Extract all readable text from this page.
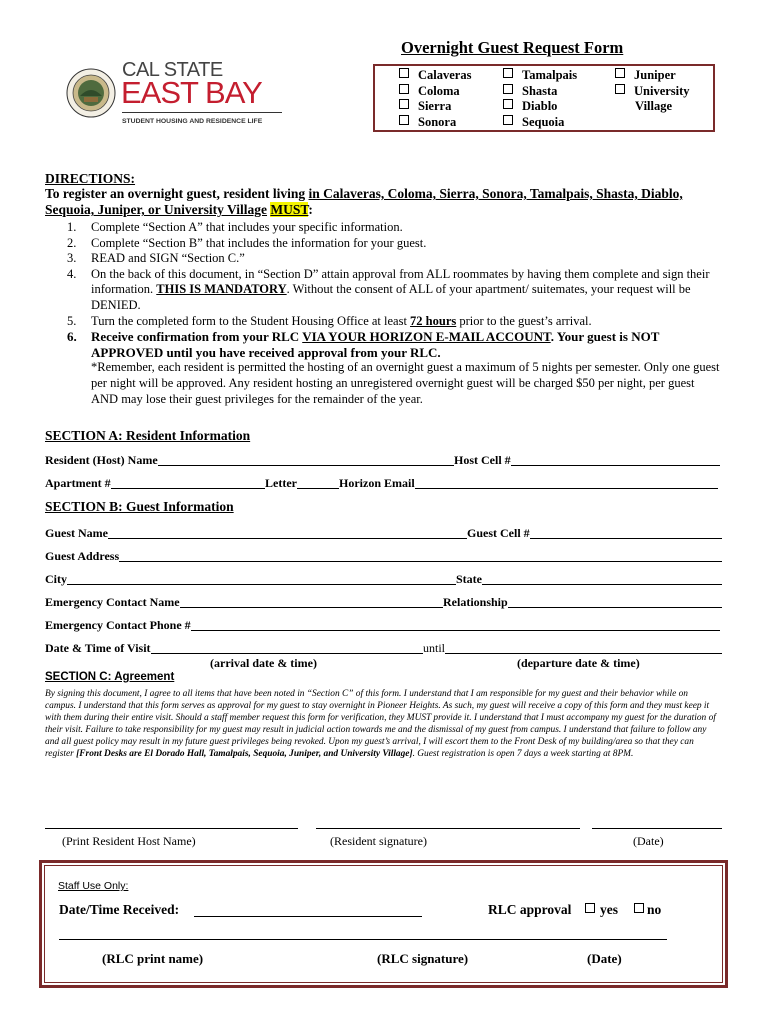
CAL STATE
EAST BAY
STUDENT HOUSING AND RESIDENCE LIFE
Overnight Guest Request Form
Calaveras
Coloma
Sierra
Sonora
Tamalpais
Shasta
Diablo
Sequoia
Juniper
University
Village
DIRECTIONS:
To register an overnight guest, resident living in Calaveras, Coloma, Sierra, Sonora, Tamalpais, Shasta, Diablo, Sequoia, Juniper, or University Village MUST:
1. Complete “Section A” that includes your specific information.
2. Complete “Section B” that includes the information for your guest.
3. READ and SIGN “Section C.”
4. On the back of this document, in “Section D” attain approval from ALL roommates by having them complete and sign their information. THIS IS MANDATORY. Without the consent of ALL of your apartment/ suitemates, your request will be DENIED.
5. Turn the completed form to the Student Housing Office at least 72 hours prior to the guest’s arrival.
6. Receive confirmation from your RLC VIA YOUR HORIZON E-MAIL ACCOUNT. Your guest is NOT APPROVED until you have received approval from your RLC.
*Remember, each resident is permitted the hosting of an overnight guest a maximum of 5 nights per semester. Only one guest per night will be approved. Any resident hosting an unregistered overnight guest will be charged $50 per night, per guest AND may lose their guest privileges for the remainder of the year.
SECTION A: Resident Information
Resident (Host) Name	Host Cell #
Apartment #	Letter	Horizon Email
SECTION B: Guest Information
Guest Name	Guest Cell #
Guest Address
City	State
Emergency Contact Name	Relationship
Emergency Contact Phone #
Date & Time of Visit	until
(arrival date & time)	(departure date & time)
SECTION C: Agreement
By signing this document, I agree to all items that have been noted in “Section C” of this form. I understand that I am responsible for my guest and their behavior while on campus. I understand that this form serves as approval for my guest to stay overnight in Pioneer Heights. As such, my guest will receive a copy of this form and they must keep it with them during their entire visit. Should a staff member request this form for verification, they MUST provide it. I understand that I must accompany my guest for the duration of their visit. Failure to take responsibility for my guest may result in judicial action towards me and the dismissal of my guest from campus. I understand that failure to follow any and all guest policy may result in my future guest privileges being revoked. Upon my guest’s arrival, I will escort them to the Front Desk of my building/area so that they can register [Front Desks are El Dorado Hall, Tamalpais, Sequoia, Juniper, and University Village]. Guest registration is open 7 days a week starting at 8PM.
(Print Resident Host Name)	(Resident signature)	(Date)
Staff Use Only:
Date/Time Received:	RLC approval	yes	no
(RLC print name)	(RLC signature)	(Date)
